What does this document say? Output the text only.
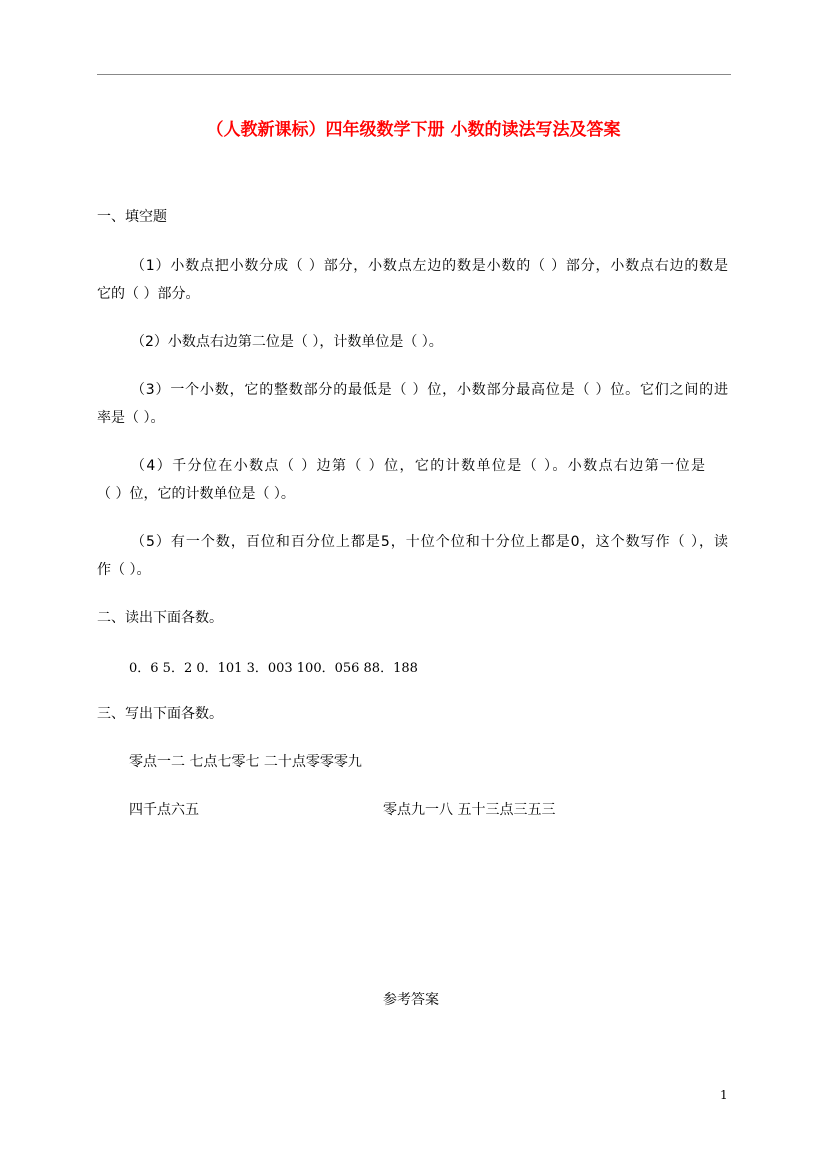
（人教新课标）四年级数学下册 小数的读法写法及答案
一、填空题
（1）小数点把小数分成（ ）部分，小数点左边的数是小数的（ ）部分，小数点右边的数是
它的（ ）部分。
（2）小数点右边第二位是（ ），计数单位是（ ）。
（3）一个小数，它的整数部分的最低是（ ）位，小数部分最高位是（ ）位。它们之间的进
率是（ ）。
（4）千分位在小数点（ ）边第（ ）位，它的计数单位是（ ）。小数点右边第一位是
（ ）位，它的计数单位是（ ）。
（5）有一个数，百位和百分位上都是5，十位个位和十分位上都是0，这个数写作（ ），读
作（ ）。
二、读出下面各数。
0．6 5．2 0．101 3．003 100．056 88．188
三、写出下面各数。
零点一二 七点七零七 二十点零零零九
四千点六五	零点九一八 五十三点三五三
参考答案
1
